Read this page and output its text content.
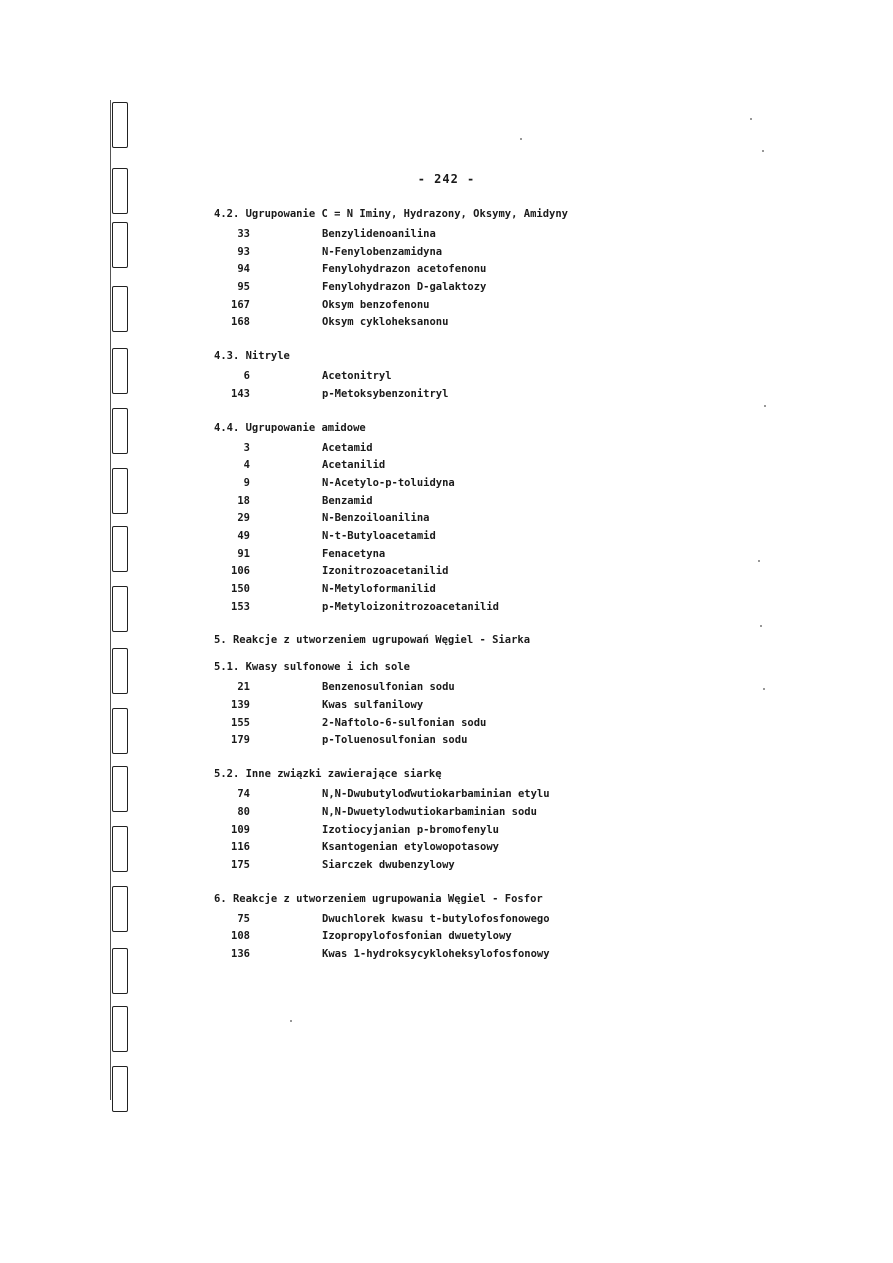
- 242 -
4.2. Ugrupowanie C = N Iminy, Hydrazony, Oksymy, Amidyny
33	Benzylidenoanilina
93	N-Fenylobenzamidyna
94	Fenylohydrazon acetofenonu
95	Fenylohydrazon D-galaktozy
167	Oksym benzofenonu
168	Oksym cykloheksanonu
4.3. Nitryle
6	Acetonitryl
143	p-Metoksybenzonitryl
4.4. Ugrupowanie amidowe
3	Acetamid
4	Acetanilid
9	N-Acetylo-p-toluidyna
18	Benzamid
29	N-Benzoiloanilina
49	N-t-Butyloacetamid
91	Fenacetyna
106	Izonitrozoacetanilid
150	N-Metyloformanilid
153	p-Metyloizonitrozoacetanilid
5. Reakcje z utworzeniem ugrupowań Węgiel - Siarka
5.1. Kwasy sulfonowe i ich sole
21	Benzenosulfonian sodu
139	Kwas sulfanilowy
155	2-Naftolo-6-sulfonian sodu
179	p-Toluenosulfonian sodu
5.2. Inne związki zawierające siarkę
74	N,N-Dwubutyloďwutiokarbaminian etylu
80	N,N-Dwuetylodwutiokarbaminian sodu
109	Izotiocyjanian p-bromofenylu
116	Ksantogenian etylowopotasowy
175	Siarczek dwubenzylowy
6. Reakcje z utworzeniem ugrupowania Węgiel - Fosfor
75	Dwuchlorek kwasu t-butylofosfonowego
108	Izopropylofosfonian dwuetylowy
136	Kwas 1-hydroksycykloheksylofosfonowy
